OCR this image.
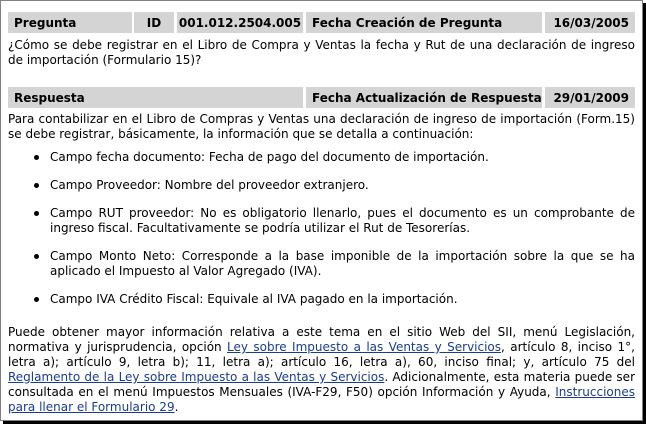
Pregunta	ID 001.012.2504.005 Fecha Creación de Pregunta	16/03/2005
¿Cómo se debe registrar en el Libro de Compra y Ventas la fecha y Rut de una declaración de ingreso de importación (Formulario 15)?
Respuesta	Fecha Actualización de Respuesta 29/01/2009
Para contabilizar en el Libro de Compras y Ventas una declaración de ingreso de importación (Form.15) se debe registrar, básicamente, la información que se detalla a continuación:
Campo fecha documento: Fecha de pago del documento de importación.
Campo Proveedor: Nombre del proveedor extranjero.
Campo RUT proveedor: No es obligatorio llenarlo, pues el documento es un comprobante de ingreso fiscal. Facultativamente se podría utilizar el Rut de Tesorerías.
Campo Monto Neto: Corresponde a la base imponible de la importación sobre la que se ha aplicado el Impuesto al Valor Agregado (IVA).
Campo IVA Crédito Fiscal: Equivale al IVA pagado en la importación.
Puede obtener mayor información relativa a este tema en el sitio Web del SII, menú Legislación, normativa y jurisprudencia, opción Ley sobre Impuesto a las Ventas y Servicios, artículo 8, inciso 1°, letra a); artículo 9, letra b); 11, letra a); artículo 16, letra a), 60, inciso final; y, artículo 75 del Reglamento de la Ley sobre Impuesto a las Ventas y Servicios. Adicionalmente, esta materia puede ser consultada en el menú Impuestos Mensuales (IVA-F29, F50) opción Información y Ayuda, Instrucciones para llenar el Formulario 29.
